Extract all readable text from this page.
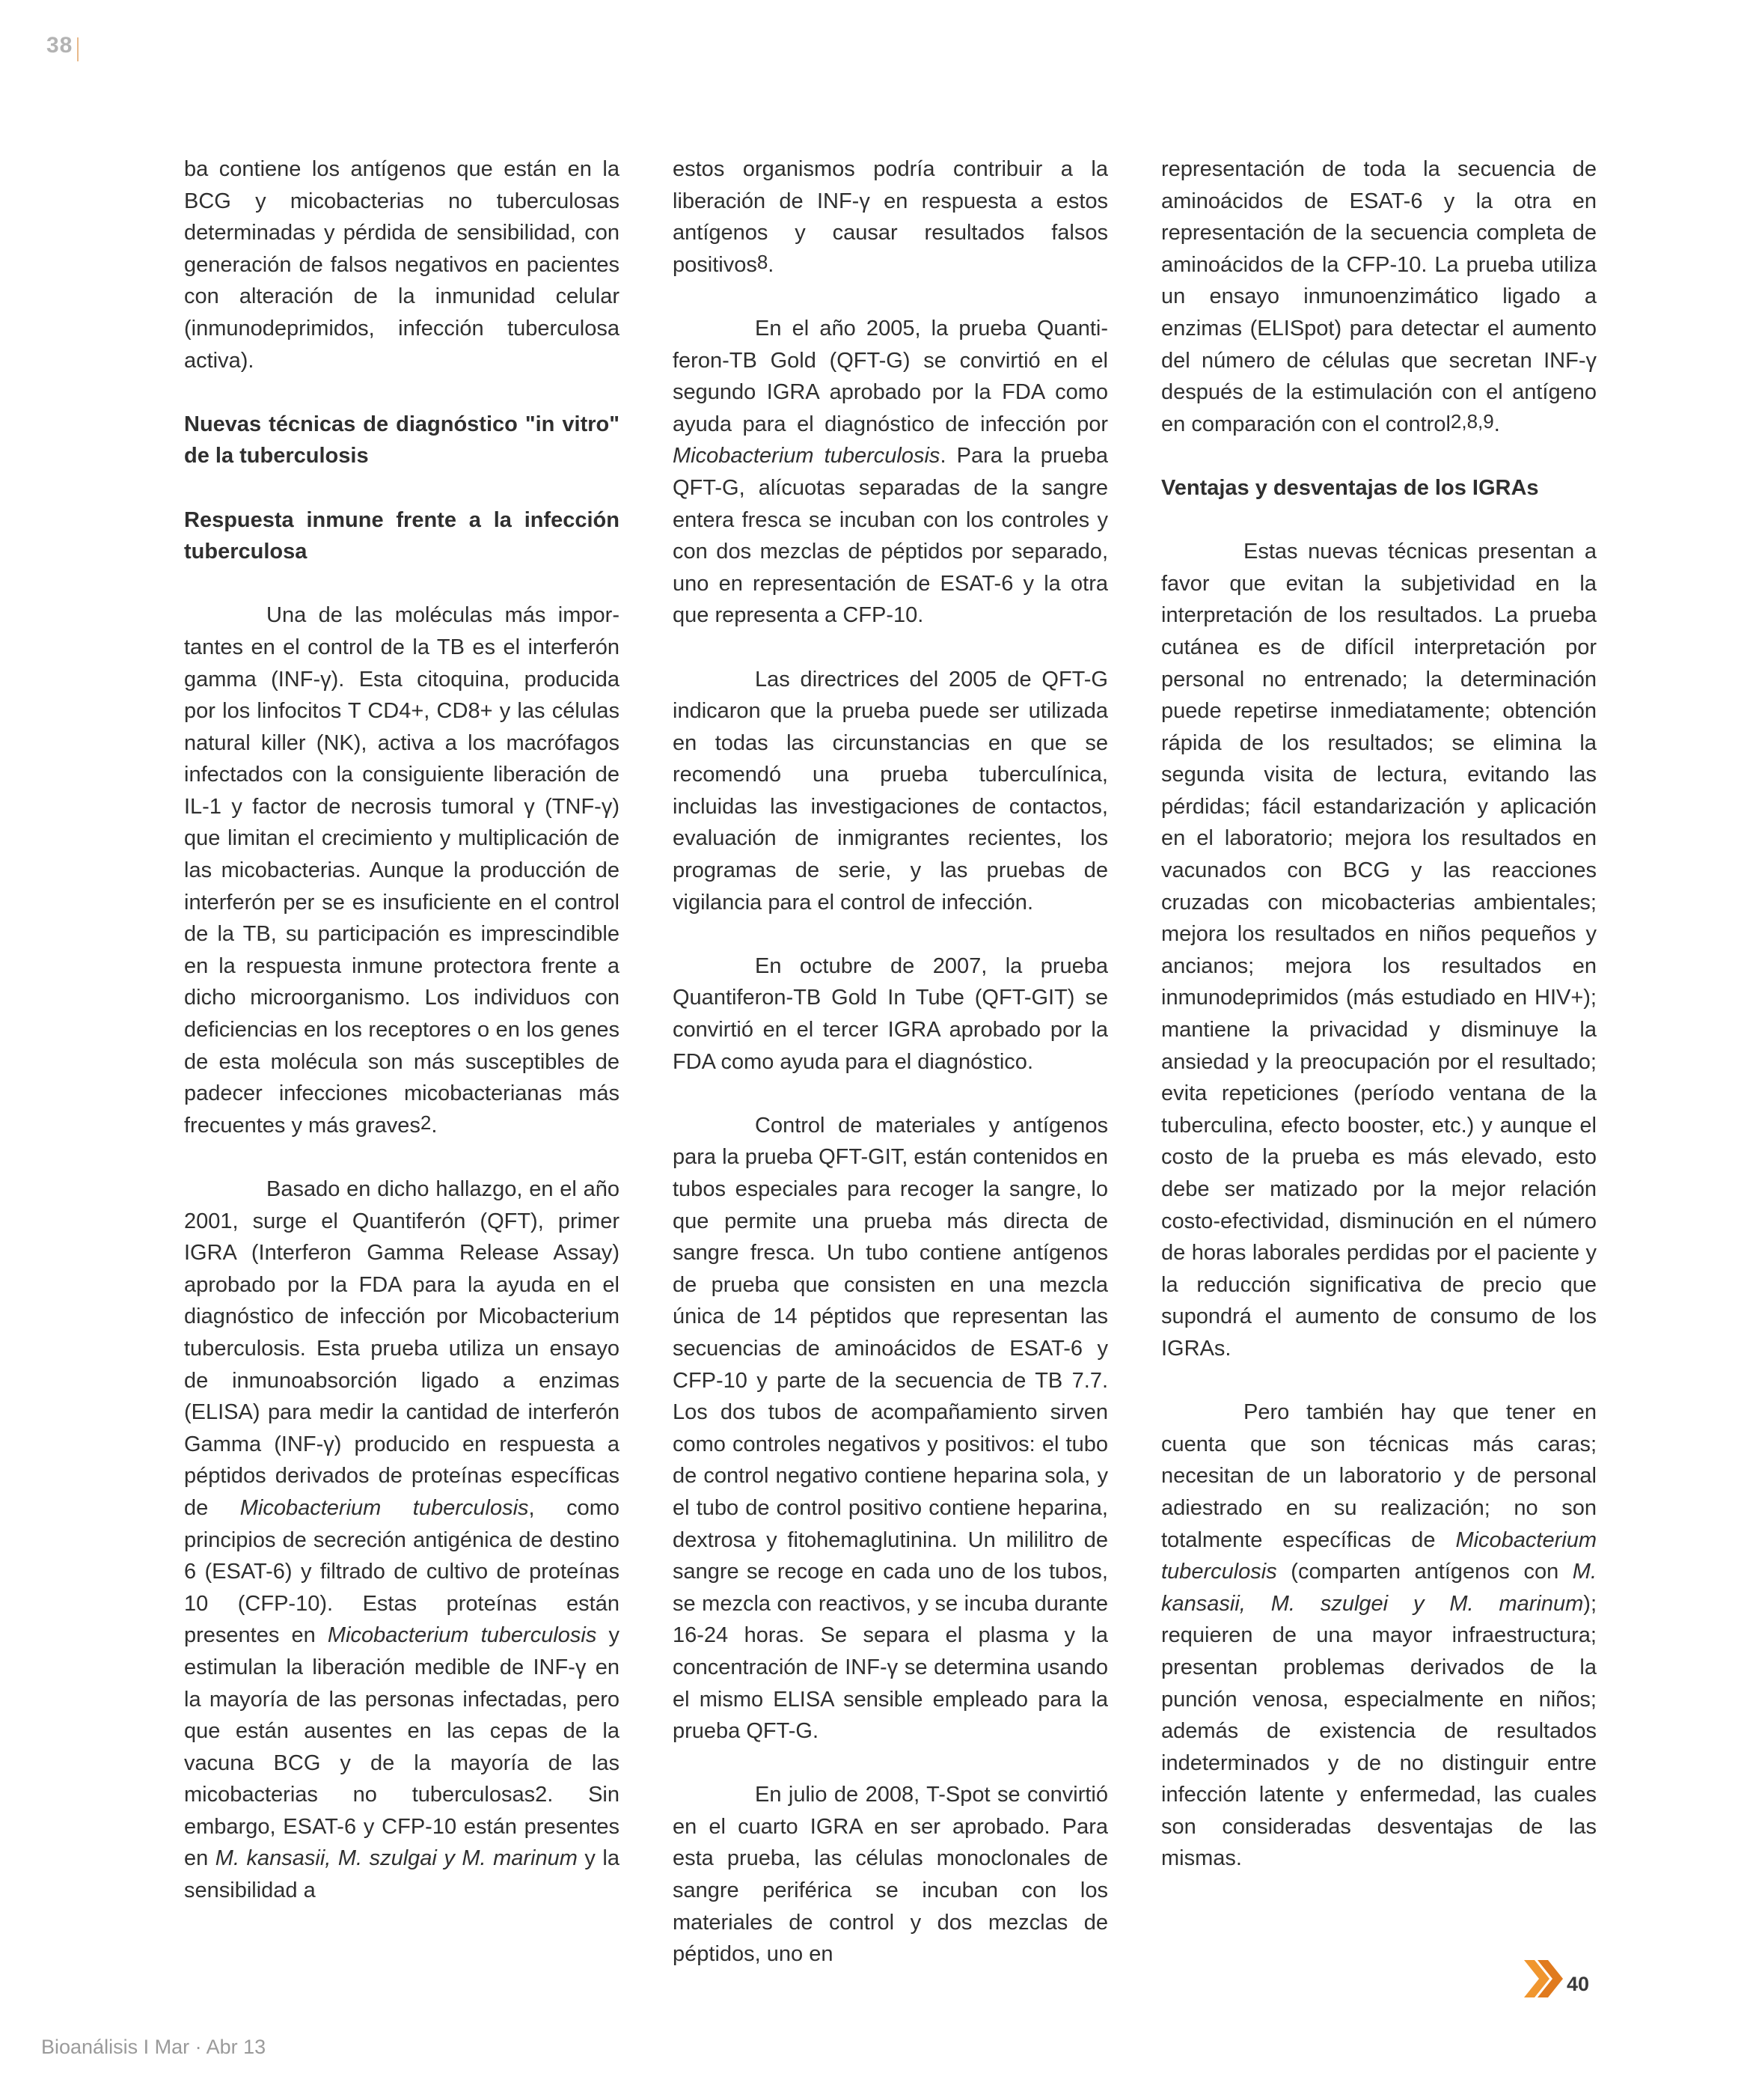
38

ba contiene los antígenos que están en la BCG y micobacterias no tuberculosas determinadas y pérdida de sensibilidad, con generación de falsos negativos en pacientes con alteración de la inmunidad celular (inmunodeprimidos, infección tuberculosa activa).

Nuevas técnicas de diagnóstico "in vitro" de la tuberculosis
Respuesta inmune frente a la infección tuberculosa

Una de las moléculas más importantes en el control de la TB es el interferón gamma (INF-γ). Esta citoquina, producida por los linfocitos T CD4+, CD8+ y las células natural killer (NK), activa a los macrófagos infectados con la consiguiente liberación de IL-1 y factor de necrosis tumoral γ (TNF-γ) que limitan el crecimiento y multiplicación de las micobacterias. Aunque la producción de interferón per se es insuficiente en el control de la TB, su participación es imprescindible en la respuesta inmune protectora frente a dicho microorganismo. Los individuos con deficiencias en los receptores o en los genes de esta molécula son más susceptibles de padecer infecciones micobacterianas más frecuentes y más graves$^2$.

Basado en dicho hallazgo, en el año 2001, surge el Quantiferón (QFT), primer IGRA (Interferon Gamma Release Assay) aprobado por la FDA para la ayuda en el diagnóstico de infección por Micobacterium tuberculosis. Esta prueba utiliza un ensayo de inmunoabsorción ligado a enzimas (ELISA) para medir la cantidad de interferón Gamma (INF-γ) producido en respuesta a péptidos derivados de proteínas específicas de Micobacterium tuberculosis, como principios de secreción antigénica de destino 6 (ESAT-6) y filtrado de cultivo de proteínas 10 (CFP-10). Estas proteínas están presentes en Micobacterium tuberculosis y estimulan la liberación medible de INF-γ en la mayoría de las personas infectadas, pero que están ausentes en las cepas de la vacuna BCG y de la mayoría de las micobacterias no tuberculosas2. Sin embargo, ESAT-6 y CFP-10 están presentes en M. kansasii, M. szulgai y M. marinum y la sensibilidad a

estos organismos podría contribuir a la liberación de INF-γ en respuesta a estos antígenos y causar resultados falsos positivos$^8$.

En el año 2005, la prueba Quantiferon-TB Gold (QFT-G) se convirtió en el segundo IGRA aprobado por la FDA como ayuda para el diagnóstico de infección por Micobacterium tuberculosis. Para la prueba QFT-G, alícuotas separadas de la sangre entera fresca se incuban con los controles y con dos mezclas de péptidos por separado, uno en representación de ESAT-6 y la otra que representa a CFP-10.

Las directrices del 2005 de QFT-G indicaron que la prueba puede ser utilizada en todas las circunstancias en que se recomendó una prueba tuberculínica, incluidas las investigaciones de contactos, evaluación de inmigrantes recientes, los programas de serie, y las pruebas de vigilancia para el control de infección.

En octubre de 2007, la prueba Quantiferon-TB Gold In Tube (QFT-GIT) se convirtió en el tercer IGRA aprobado por la FDA como ayuda para el diagnóstico.

Control de materiales y antígenos para la prueba QFT-GIT, están contenidos en tubos especiales para recoger la sangre, lo que permite una prueba más directa de sangre fresca. Un tubo contiene antígenos de prueba que consisten en una mezcla única de 14 péptidos que representan las secuencias de aminoácidos de ESAT-6 y CFP-10 y parte de la secuencia de TB 7.7. Los dos tubos de acompañamiento sirven como controles negativos y positivos: el tubo de control negativo contiene heparina sola, y el tubo de control positivo contiene heparina, dextrosa y fitohemaglutinina. Un mililitro de sangre se recoge en cada uno de los tubos, se mezcla con reactivos, y se incuba durante 16-24 horas. Se separa el plasma y la concentración de INF-γ se determina usando el mismo ELISA sensible empleado para la prueba QFT-G.

En julio de 2008, T-Spot se convirtió en el cuarto IGRA en ser aprobado. Para esta prueba, las células monoclonales de sangre periférica se incuban con los materiales de control y dos mezclas de péptidos, uno en

representación de toda la secuencia de aminoácidos de ESAT-6 y la otra en representación de la secuencia completa de aminoácidos de la CFP-10. La prueba utiliza un ensayo inmunoenzimático ligado a enzimas (ELISpot) para detectar el aumento del número de células que secretan INF-γ después de la estimulación con el antígeno en comparación con el control$^{2,8,9}$.

Ventajas y desventajas de los IGRAs

Estas nuevas técnicas presentan a favor que evitan la subjetividad en la interpretación de los resultados. La prueba cutánea es de difícil interpretación por personal no entrenado; la determinación puede repetirse inmediatamente; obtención rápida de los resultados; se elimina la segunda visita de lectura, evitando las pérdidas; fácil estandarización y aplicación en el laboratorio; mejora los resultados en vacunados con BCG y las reacciones cruzadas con micobacterias ambientales; mejora los resultados en niños pequeños y ancianos; mejora los resultados en inmunodeprimidos (más estudiado en HIV+); mantiene la privacidad y disminuye la ansiedad y la preocupación por el resultado; evita repeticiones (período ventana de la tuberculina, efecto booster, etc.) y aunque el costo de la prueba es más elevado, esto debe ser matizado por la mejor relación costo-efectividad, disminución en el número de horas laborales perdidas por el paciente y la reducción significativa de precio que supondrá el aumento de consumo de los IGRAs.

Pero también hay que tener en cuenta que son técnicas más caras; necesitan de un laboratorio y de personal adiestrado en su realización; no son totalmente específicas de Micobacterium tuberculosis (comparten antígenos con M. kansasii, M. szulgei y M. marinum); requieren de una mayor infraestructura; presentan problemas derivados de la punción venosa, especialmente en niños; además de existencia de resultados indeterminados y de no distinguir entre infección latente y enfermedad, las cuales son consideradas desventajas de las mismas.

40
Bioanálisis I Mar · Abr 13
